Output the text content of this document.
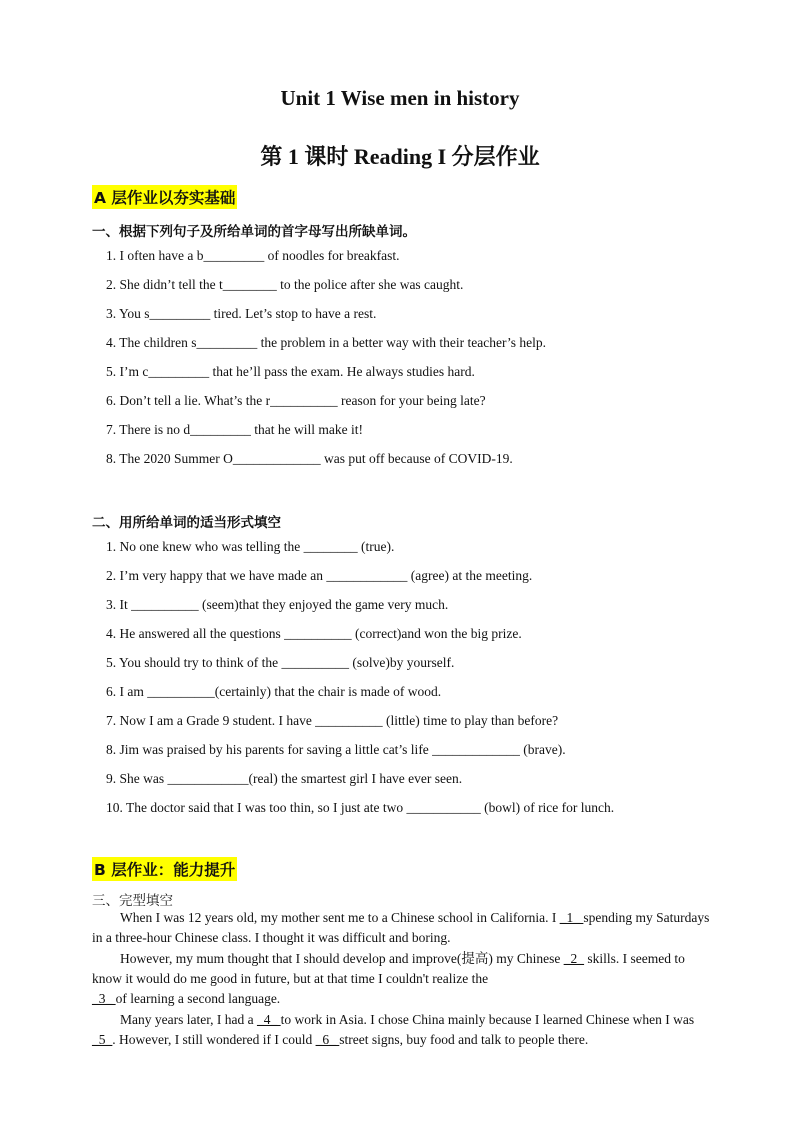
Unit 1 Wise men in history
第 1 课时 Reading I 分层作业
A 层作业以夯实基础
一、根据下列句子及所给单词的首字母写出所缺单词。
1. I often have a b_________ of noodles for breakfast.
2. She didn’t tell the t________ to the police after she was caught.
3. You s_________ tired. Let’s stop to have a rest.
4. The children s_________ the problem in a better way with their teacher’s help.
5. I’m c_________ that he’ll pass the exam. He always studies hard.
6. Don’t tell a lie. What’s the r__________ reason for your being late?
7. There is no d_________ that he will make it!
8. The 2020 Summer O_____________ was put off because of COVID-19.
二、用所给单词的适当形式填空
1. No one knew who was telling the ________ (true).
2. I’m very happy that we have made an ____________ (agree) at the meeting.
3. It __________ (seem)that they enjoyed the game very much.
4. He answered all the questions __________ (correct)and won the big prize.
5. You should try to think of the __________ (solve)by yourself.
6. I am __________(certainly) that the chair is made of wood.
7. Now I am a Grade 9 student. I have __________ (little) time to play than before?
8. Jim was praised by his parents for saving a little cat’s life _____________ (brave).
9. She was ____________(real) the smartest girl I have ever seen.
10. The doctor said that I was too thin, so I just ate two ___________ (bowl) of rice for lunch.
B 层作业：能力提升
三、完型填空
When I was 12 years old, my mother sent me to a Chinese school in California. I _1_ spending my Saturdays in a three-hour Chinese class. I thought it was difficult and boring.
However, my mum thought that I should develop and improve(提高) my Chinese _2_ skills. I seemed to know it would do me good in future, but at that time I couldn't realize the
_3_ of learning a second language.
Many years later, I had a _4_ to work in Asia. I chose China mainly because I learned Chinese when I was _5_. However, I still wondered if I could _6_ street signs, buy food and talk to people there.
